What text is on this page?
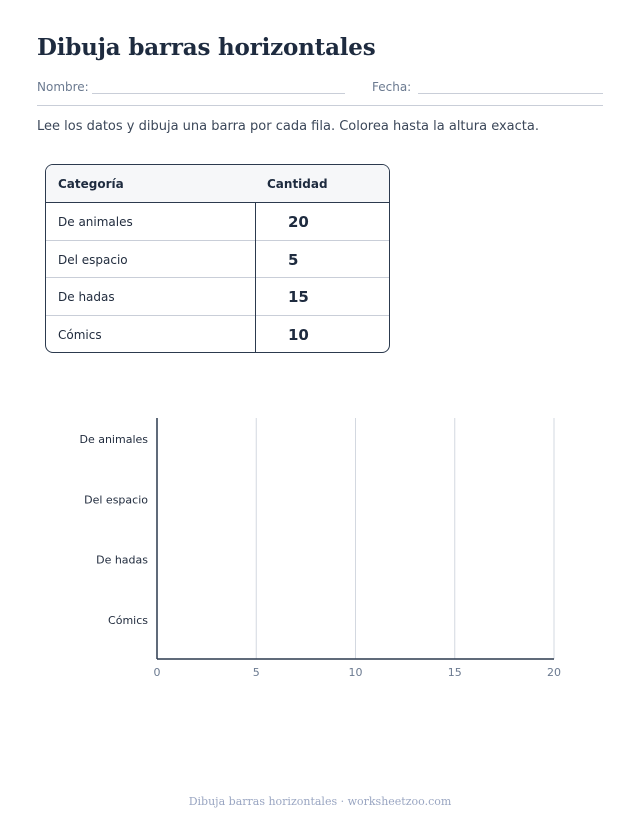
Dibuja barras horizontales
Nombre:	Fecha:

Lee los datos y dibuja una barra por cada fila. Colorea hasta la altura exacta.

Categoría	Cantidad
De animales	20
Del espacio	5
De hadas	15
Cómics	10
0	5	10	15	20
De animales
Del espacio
De hadas
Cómics
Dibuja barras horizontales · worksheetzoo.com
